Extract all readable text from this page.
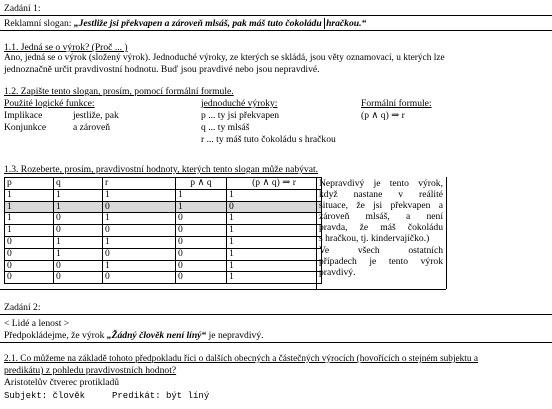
Zadání 1:
Reklamní slogan: „Jestliže jsi překvapen a zároveň mlsáš, pak máš tuto čokoládu hračkou.“
1.1. Jedná se o výrok? (Proč ... )
Ano, jedná se o výrok (složený výrok). Jednoduché výroky, ze kterých se skládá, jsou věty oznamovací, u kterých lze
jednoznačně určit pravdivostní hodnotu. Buď jsou pravdivé nebo jsou nepravdivé.
1.2. Zapište tento slogan, prosím, pomocí formální formule.
Použité logické funkce:	jednoduché výroky:	Formální formule:
Implikace	jestliže, pak	p ... ty jsi překvapen	(p ∧ q) ⇒ r
Konjunkce	a zároveň	q ... ty mlsáš
r ... ty máš tuto čokoládu s hračkou
1.3. Rozeberte, prosím, pravdivostní hodnoty, kterých tento slogan může nabývat.
p	q	r	p ∧ q	(p ∧ q) ⇒ r
1	1	1	1	1
1	1	0	1	0
1	0	1	0	1
1	0	0	0	1
0	1	1	0	1
0	1	0	0	1
0	0	1	0	1
0	0	0	0	1
Nepravdivý je tento výrok,
když nastane v reálité
situace, že jsi překvapen a
zároveň mlsáš, a není
pravda, že máš čokoládu
s hračkou, tj. kindervajíčko.)
Ve všech ostatních
případech je tento výrok
pravdivý.
Zadání 2:
< Lidé a lenost >
Předpokládejme, že výrok „Žádný člověk není líný“ je nepravdivý.
2.1. Co můžeme na základě tohoto předpokladu říci o dalších obecných a částečných výrocích (hovořících o stejném subjektu a
predikátu) z pohledu pravdivostních hodnot?
Aristotelův čtverec protikladů
Subjekt: člověk	Predikát: být líný
